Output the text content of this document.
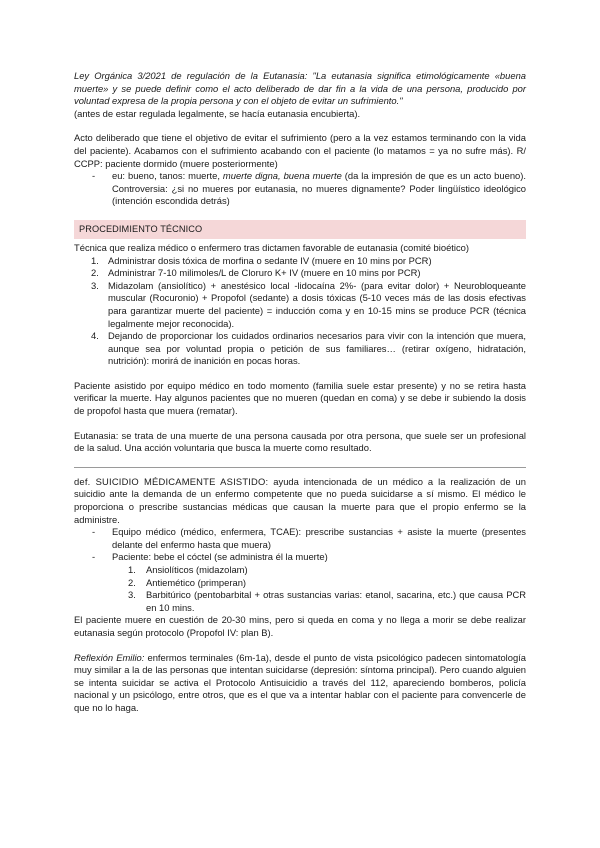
Ley Orgánica 3/2021 de regulación de la Eutanasia: "La eutanasia significa etimológicamente «buena muerte» y se puede definir como el acto deliberado de dar fin a la vida de una persona, producido por voluntad expresa de la propia persona y con el objeto de evitar un sufrimiento."

(antes de estar regulada legalmente, se hacía eutanasia encubierta).

Acto deliberado que tiene el objetivo de evitar el sufrimiento (pero a la vez estamos terminando con la vida del paciente). Acabamos con el sufrimiento acabando con el paciente (lo matamos = ya no sufre más). R/ CCPP: paciente dormido (muere posteriormente)

- eu: bueno, tanos: muerte, muerte digna, buena muerte (da la impresión de que es un acto bueno). Controversia: ¿si no mueres por eutanasia, no mueres dignamente? Poder lingüístico ideológico (intención escondida detrás)
PROCEDIMIENTO TÉCNICO

Técnica que realiza médico o enfermero tras dictamen favorable de eutanasia (comité bioético)

1. Administrar dosis tóxica de morfina o sedante IV (muere en 10 mins por PCR)
2. Administrar 7-10 milimoles/L de Cloruro K+ IV (muere en 10 mins por PCR)
3. Midazolam (ansiolítico) + anestésico local -lidocaína 2%- (para evitar dolor) + Neurobloqueante muscular (Rocuronio) + Propofol (sedante) a dosis tóxicas (5-10 veces más de las dosis efectivas para garantizar muerte del paciente) = inducción coma y en 10-15 mins se produce PCR (técnica legalmente mejor reconocida).
4. Dejando de proporcionar los cuidados ordinarios necesarios para vivir con la intención que muera, aunque sea por voluntad propia o petición de sus familiares… (retirar oxígeno, hidratación, nutrición): morirá de inanición en pocas horas.

Paciente asistido por equipo médico en todo momento (familia suele estar presente) y no se retira hasta verificar la muerte. Hay algunos pacientes que no mueren (quedan en coma) y se debe ir subiendo la dosis de propofol hasta que muera (rematar).

Eutanasia: se trata de una muerte de una persona causada por otra persona, que suele ser un profesional de la salud. Una acción voluntaria que busca la muerte como resultado.

def. SUICIDIO MÉDICAMENTE ASISTIDO: ayuda intencionada de un médico a la realización de un suicidio ante la demanda de un enfermo competente que no pueda suicidarse a sí mismo. El médico le proporciona o prescribe sustancias médicas que causan la muerte para que el propio enfermo se la administre.

- Equipo médico (médico, enfermera, TCAE): prescribe sustancias + asiste la muerte (presentes delante del enfermo hasta que muera)
- Paciente: bebe el cóctel (se administra él la muerte)
1. Ansiolíticos (midazolam)
2. Antiemético (primperan)
3. Barbitúrico (pentobarbital + otras sustancias varias: etanol, sacarina, etc.) que causa PCR en 10 mins.

El paciente muere en cuestión de 20-30 mins, pero si queda en coma y no llega a morir se debe realizar eutanasia según protocolo (Propofol IV: plan B).

Reflexión Emilio: enfermos terminales (6m-1a), desde el punto de vista psicológico padecen sintomatología muy similar a la de las personas que intentan suicidarse (depresión: síntoma principal). Pero cuando alguien se intenta suicidar se activa el Protocolo Antisuicidio a través del 112, apareciendo bomberos, policía nacional y un psicólogo, entre otros, que es el que va a intentar hablar con el paciente para convencerle de que no lo haga.
